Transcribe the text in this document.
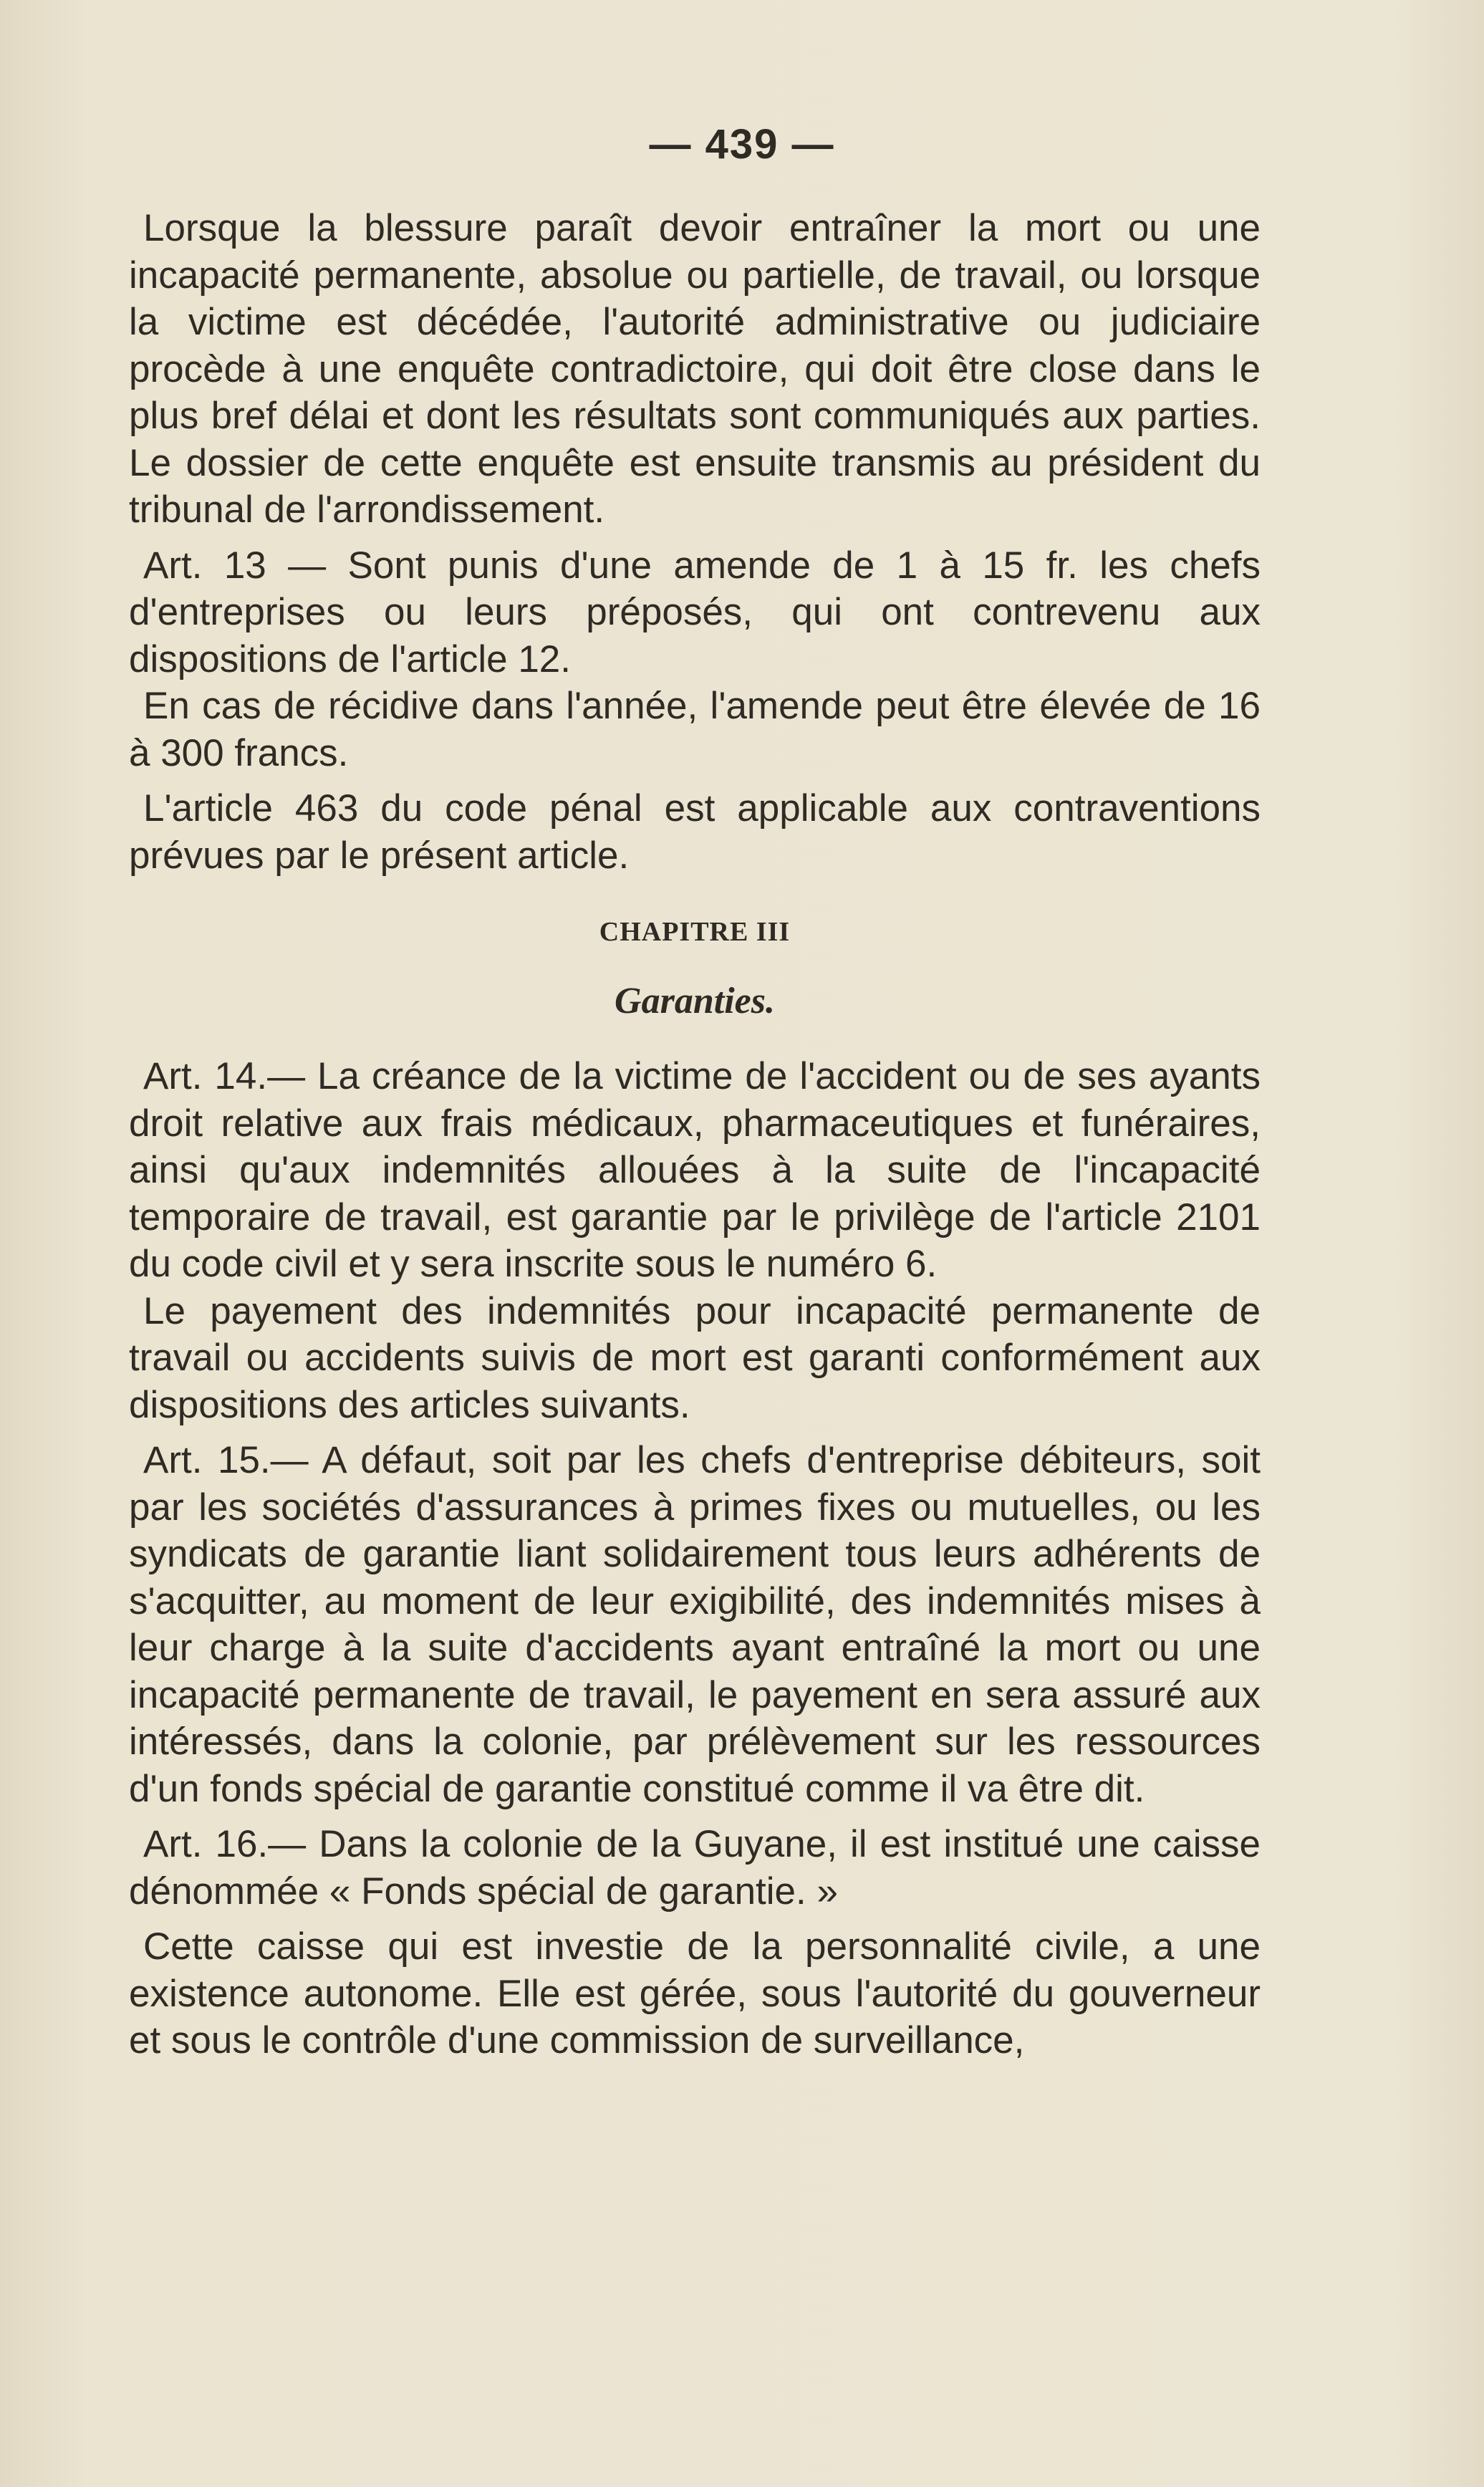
— 439 —

Lorsque la blessure paraît devoir entraîner la mort ou une incapacité permanente, absolue ou partielle, de travail, ou lorsque la victime est décédée, l'autorité administrative ou judiciaire procède à une enquête contradictoire, qui doit être close dans le plus bref délai et dont les résultats sont communiqués aux parties. Le dossier de cette enquête est ensuite transmis au président du tribunal de l'arrondissement.

Art. 13 — Sont punis d'une amende de 1 à 15 fr. les chefs d'entreprises ou leurs préposés, qui ont contrevenu aux dispositions de l'article 12.

En cas de récidive dans l'année, l'amende peut être élevée de 16 à 300 francs.

L'article 463 du code pénal est applicable aux contraventions prévues par le présent article.

CHAPITRE III
Garanties.

Art. 14.— La créance de la victime de l'accident ou de ses ayants droit relative aux frais médicaux, pharmaceutiques et funéraires, ainsi qu'aux indemnités allouées à la suite de l'incapacité temporaire de travail, est garantie par le privilège de l'article 2101 du code civil et y sera inscrite sous le numéro 6.

Le payement des indemnités pour incapacité permanente de travail ou accidents suivis de mort est garanti conformément aux dispositions des articles suivants.

Art. 15.— A défaut, soit par les chefs d'entreprise débiteurs, soit par les sociétés d'assurances à primes fixes ou mutuelles, ou les syndicats de garantie liant solidairement tous leurs adhérents de s'acquitter, au moment de leur exigibilité, des indemnités mises à leur charge à la suite d'accidents ayant entraîné la mort ou une incapacité permanente de travail, le payement en sera assuré aux intéressés, dans la colonie, par prélèvement sur les ressources d'un fonds spécial de garantie constitué comme il va être dit.

Art. 16.— Dans la colonie de la Guyane, il est institué une caisse dénommée « Fonds spécial de garantie. »

Cette caisse qui est investie de la personnalité civile, a une existence autonome. Elle est gérée, sous l'autorité du gouverneur et sous le contrôle d'une commission de surveillance,
